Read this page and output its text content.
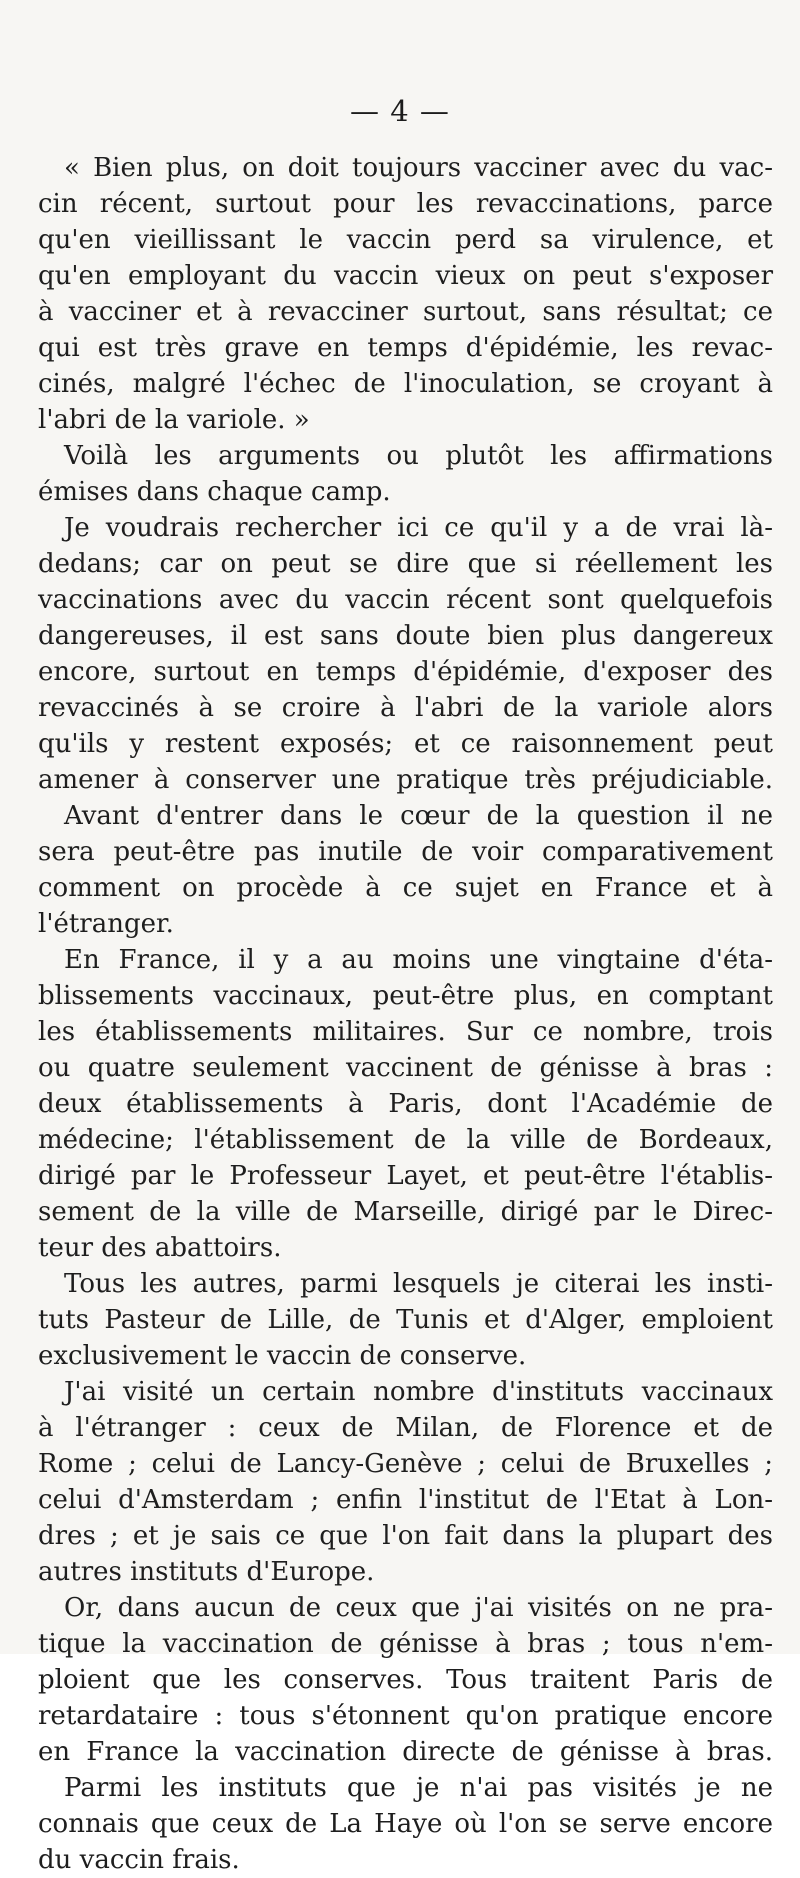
— 4 —
« Bien plus, on doit toujours vacciner avec du vac-
cin récent, surtout pour les revaccinations, parce
qu'en vieillissant le vaccin perd sa virulence, et
qu'en employant du vaccin vieux on peut s'exposer
à vacciner et à revacciner surtout, sans résultat; ce
qui est très grave en temps d'épidémie, les revac-
cinés, malgré l'échec de l'inoculation, se croyant à
l'abri de la variole. »
Voilà les arguments ou plutôt les affirmations
émises dans chaque camp.
Je voudrais rechercher ici ce qu'il y a de vrai là-
dedans; car on peut se dire que si réellement les
vaccinations avec du vaccin récent sont quelquefois
dangereuses, il est sans doute bien plus dangereux
encore, surtout en temps d'épidémie, d'exposer des
revaccinés à se croire à l'abri de la variole alors
qu'ils y restent exposés; et ce raisonnement peut
amener à conserver une pratique très préjudiciable.
Avant d'entrer dans le cœur de la question il ne
sera peut-être pas inutile de voir comparativement
comment on procède à ce sujet en France et à
l'étranger.
En France, il y a au moins une vingtaine d'éta-
blissements vaccinaux, peut-être plus, en comptant
les établissements militaires. Sur ce nombre, trois
ou quatre seulement vaccinent de génisse à bras :
deux établissements à Paris, dont l'Académie de
médecine; l'établissement de la ville de Bordeaux,
dirigé par le Professeur Layet, et peut-être l'établis-
sement de la ville de Marseille, dirigé par le Direc-
teur des abattoirs.
Tous les autres, parmi lesquels je citerai les insti-
tuts Pasteur de Lille, de Tunis et d'Alger, emploient
exclusivement le vaccin de conserve.
J'ai visité un certain nombre d'instituts vaccinaux
à l'étranger : ceux de Milan, de Florence et de
Rome ; celui de Lancy-Genève ; celui de Bruxelles ;
celui d'Amsterdam ; enfin l'institut de l'Etat à Lon-
dres ; et je sais ce que l'on fait dans la plupart des
autres instituts d'Europe.
Or, dans aucun de ceux que j'ai visités on ne pra-
tique la vaccination de génisse à bras ; tous n'em-
ploient que les conserves. Tous traitent Paris de
retardataire : tous s'étonnent qu'on pratique encore
en France la vaccination directe de génisse à bras.
Parmi les instituts que je n'ai pas visités je ne
connais que ceux de La Haye où l'on se serve encore
du vaccin frais.
